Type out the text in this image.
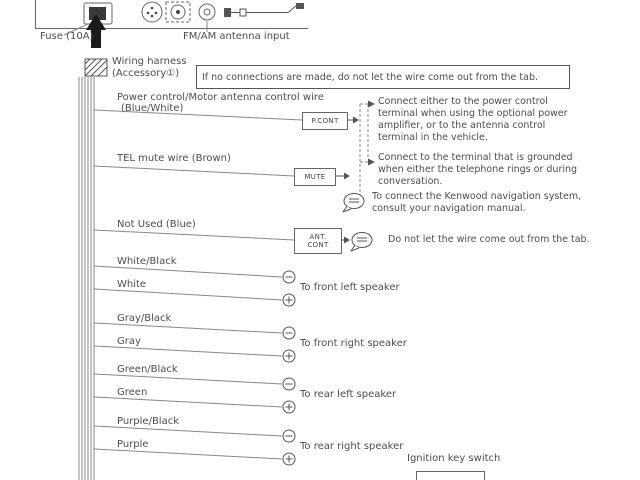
Fuse (10A)	FM/AM antenna input
Wiring harness
(Accessory①)	If no connections are made, do not let the wire come out from the tab.
Power control/Motor antenna control wire
(Blue/White)
P.CONT
Connect either to the power control terminal when using the optional power amplifier, or to the antenna control terminal in the vehicle.
TEL mute wire (Brown)
MUTE
Connect to the terminal that is grounded when either the telephone rings or during conversation.
To connect the Kenwood navigation system, consult your navigation manual.
Not Used (Blue)
ANT.
CONT	Do not let the wire come out from the tab.
White/Black
White	To front left speaker
Gray/Black
Gray	To front right speaker
Green/Black
Green	To rear left speaker
Purple/Black
Purple	To rear right speaker
Ignition key switch
